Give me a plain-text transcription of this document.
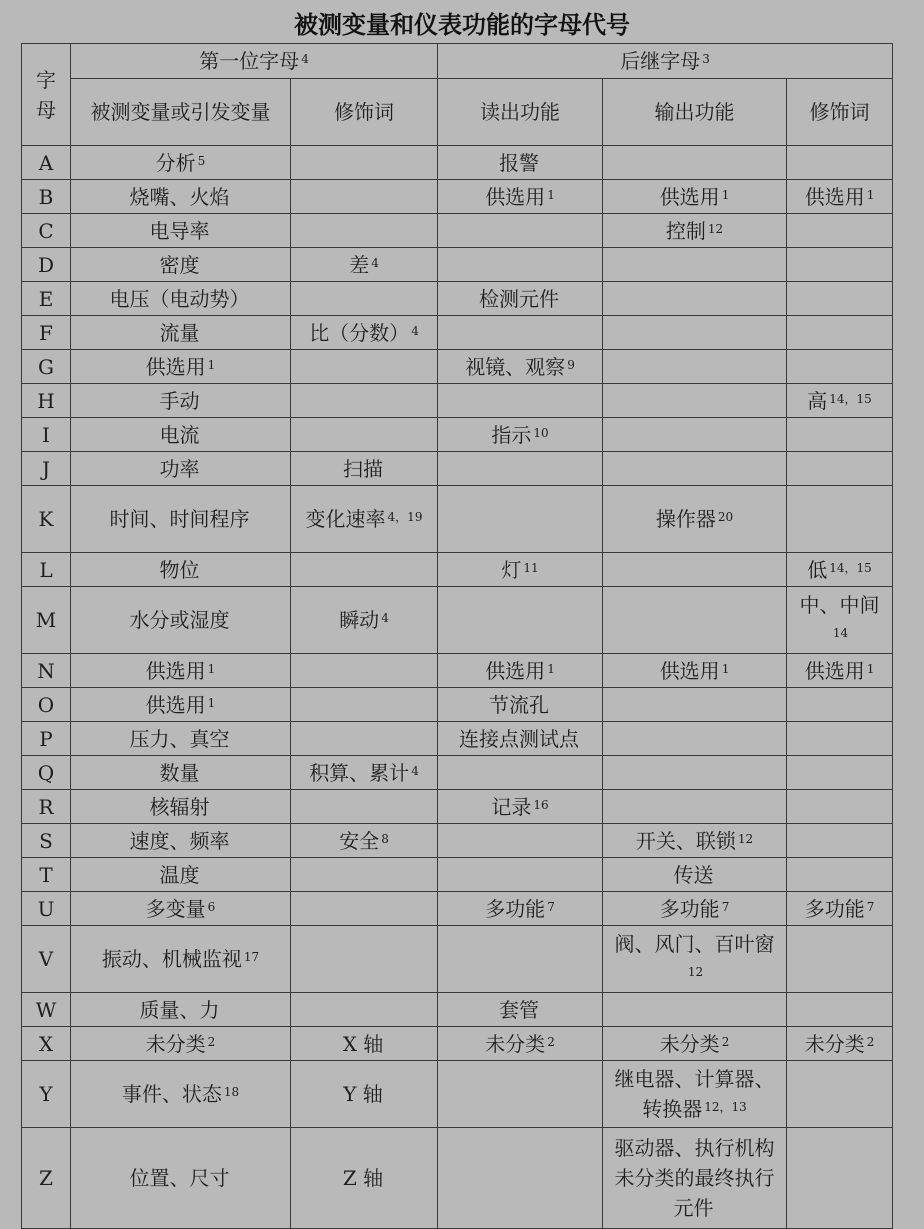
被测变量和仪表功能的字母代号
字母	第一位字母 $^4$		后继字母 $^3$
	被测变量或引发变量	修饰词	读出功能	输出功能	修饰词
A	分析 $^5$		报警		
B	烧嘴、火焰		供选用 $^1$	供选用 $^1$	供选用 $^1$
C	电导率			控制 $^{12}$	
D	密度	差 $^4$			
E	电压（电动势）		检测元件		
F	流量	比（分数） $^4$			
G	供选用 $^1$		视镜、观察 $^9$		
H	手动				高 $^{14,15}$
I	电流		指示 $^{10}$		
J	功率	扫描			
K	时间、时间程序	变化速率 $^{4,19}$		操作器 $^{20}$	
L	物位		灯 $^{11}$		低 $^{14,15}$
M	水分或湿度	瞬动 $^4$			中、中间$^{14}$
N	供选用 $^1$		供选用 $^1$	供选用 $^1$	供选用 $^1$
O	供选用 $^1$		节流孔		
P	压力、真空		连接点测试点		
Q	数量	积算、累计 $^4$			
R	核辐射		记录 $^{16}$		
S	速度、频率	安全 $^8$		开关、联锁 $^{12}$	
T	温度			传送	
U	多变量 $^6$		多功能 $^7$	多功能 $^7$	多功能 $^7$
V	振动、机械监视 $^{17}$			阀、风门、百叶窗$^{12}$	
W	质量、力		套管		
X	未分类 $^2$	X 轴	未分类 $^2$	未分类 $^2$	未分类 $^2$
Y	事件、状态 $^{18}$	Y 轴		继电器、计算器、转换器 $^{12,13}$	
Z	位置、尺寸	Z 轴		驱动器、执行机构未分类的最终执行元件	
